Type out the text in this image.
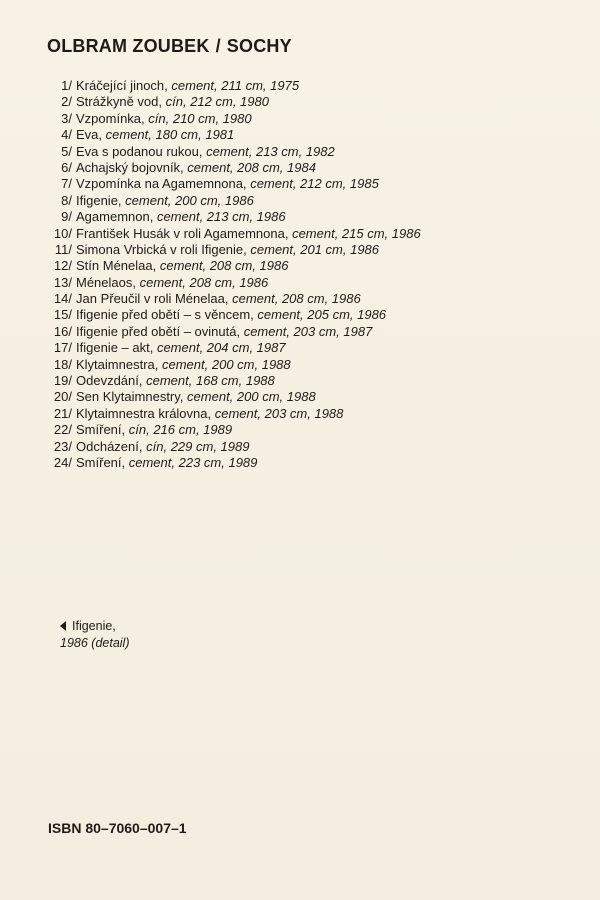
OLBRAM ZOUBEK / SOCHY
1/ Kráčející jinoch, cement, 211 cm, 1975
2/ Strážkyně vod, cín, 212 cm, 1980
3/ Vzpomínka, cín, 210 cm, 1980
4/ Eva, cement, 180 cm, 1981
5/ Eva s podanou rukou, cement, 213 cm, 1982
6/ Achajský bojovník, cement, 208 cm, 1984
7/ Vzpomínka na Agamemnona, cement, 212 cm, 1985
8/ Ifigenie, cement, 200 cm, 1986
9/ Agamemnon, cement, 213 cm, 1986
10/ František Husák v roli Agamemnona, cement, 215 cm, 1986
11/ Simona Vrbická v roli Ifigenie, cement, 201 cm, 1986
12/ Stín Ménelaa, cement, 208 cm, 1986
13/ Ménelaos, cement, 208 cm, 1986
14/ Jan Přeučil v roli Ménelaa, cement, 208 cm, 1986
15/ Ifigenie před obětí – s věncem, cement, 205 cm, 1986
16/ Ifigenie před obětí – ovinutá, cement, 203 cm, 1987
17/ Ifigenie – akt, cement, 204 cm, 1987
18/ Klytaimnestra, cement, 200 cm, 1988
19/ Odevzdání, cement, 168 cm, 1988
20/ Sen Klytaimnestry, cement, 200 cm, 1988
21/ Klytaimnestra královna, cement, 203 cm, 1988
22/ Smíření, cín, 216 cm, 1989
23/ Odcházení, cín, 229 cm, 1989
24/ Smíření, cement, 223 cm, 1989
Ifigenie,
1986 (detail)
ISBN 80–7060–007–1
